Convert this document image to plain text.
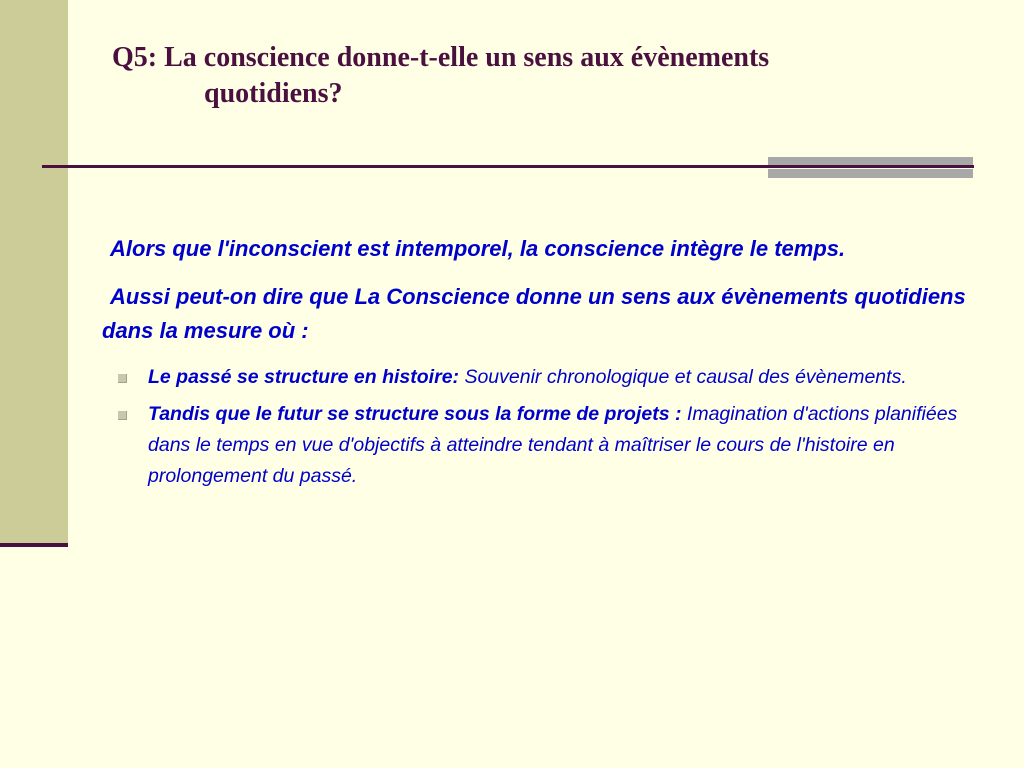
Q5: La conscience donne-t-elle un sens aux évènements
quotidiens?

Alors que l'inconscient est intemporel, la conscience intègre le temps.

Aussi peut-on dire que La Conscience donne un sens aux évènements quotidiens dans la mesure où :

Le passé se structure en histoire: Souvenir chronologique et causal des évènements.
Tandis que le futur se structure sous la forme de projets : Imagination d'actions planifiées dans le temps en vue d'objectifs à atteindre tendant à maîtriser le cours de l'histoire en prolongement du passé.
